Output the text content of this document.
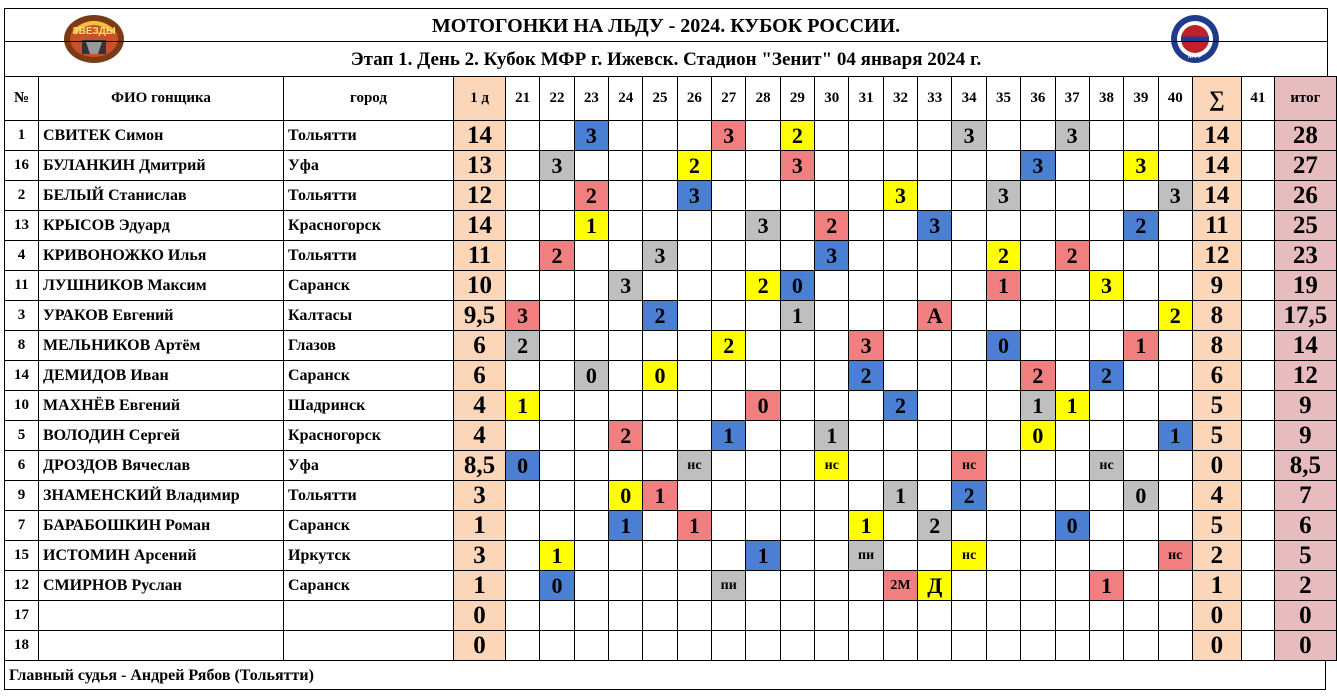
ЗВЕЗДЫ
МФР
МОТОГОНКИ НА ЛЬДУ - 2024. КУБОК РОССИИ.
Этап 1. День 2. Кубок МФР г. Ижевск. Стадион "Зенит" 04 января 2024 г.
№	ФИО гонщика	город	1 д	21	22	23	24	25	26	27	28	29	30	31	32	33	34	35	36	37	38	39	40	∑	41	итог
1	СВИТЕК Симон	Тольятти	14			3				3		2					3			3				14		28
16	БУЛАНКИН Дмитрий	Уфа	13		3				2			3							3			3		14		27
2	БЕЛЫЙ Станислав	Тольятти	12			2			3						3			3					3	14		26
13	КРЫСОВ Эдуард	Красногорск	14			1					3		2			3						2		11		25
4	КРИВОНОЖКО Илья	Тольятти	11		2			3					3					2		2				12		23
11	ЛУШНИКОВ Максим	Саранск	10				3				2	0						1			3			9		19
3	УРАКОВ Евгений	Калтасы	9,5	3				2				1				А							2	8		17,5
8	МЕЛЬНИКОВ Артём	Глазов	6	2						2				3				0				1		8		14
14	ДЕМИДОВ Иван	Саранск	6			0		0						2					2		2			6		12
10	МАХНЁВ Евгений	Шадринск	4	1							0				2				1	1				5		9
5	ВОЛОДИН Сергей	Красногорск	4				2			1			1						0				1	5		9
6	ДРОЗДОВ Вячеслав	Уфа	8,5	0					нс				нс				нс				нс			0		8,5
9	ЗНАМЕНСКИЙ Владимир	Тольятти	3				0	1							1		2					0		4		7
7	БАРАБОШКИН Роман	Саранск	1				1		1					1		2				0				5		6
15	ИСТОМИН Арсений	Иркутск	3		1						1			пи			нс						нс	2		5
12	СМИРНОВ Руслан	Саранск	1		0					пи					2М	Д					1			1		2
17			0																					0		0
18			0																					0		0
Главный судья - Андрей Рябов (Тольятти)
